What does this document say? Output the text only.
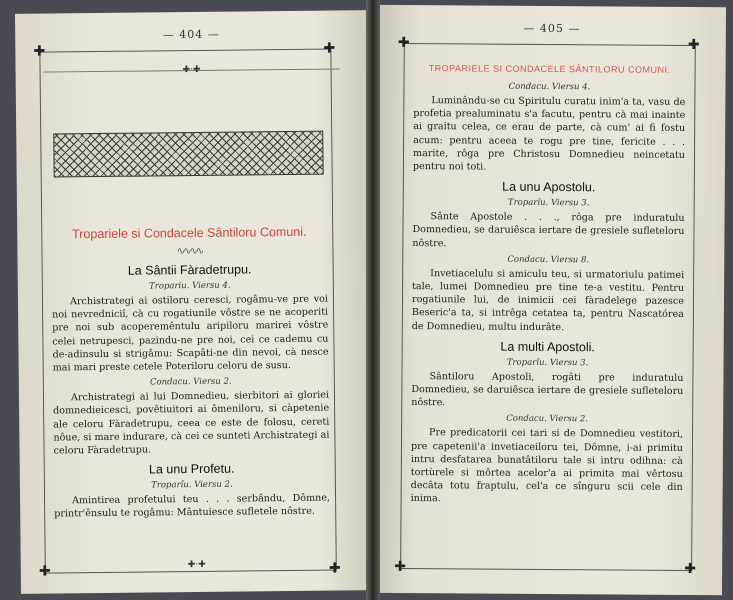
— 404 —
✚	✚
✚	✚
✚·✚
Tropariele si Condacele Sântiloru Comuni.
∿∿∿∿
La Sântii Fàradetrupu.
Tropariu. Viersu 4.

Archistrategi ai ostiloru ceresci, rogâmu-ve pre voi noi nevredniciî, cà cu rogatiunile vôstre se ne acoperiti pre noi sub acoperemêntulu aripiloru marirei vôstre celei netrupesci, pazindu-ne pre noi, cei ce cademu cu de-adinsulu si strigâmu: Scapâti-ne din nevoi, cà nesce mai mari preste cetele Poteriloru celoru de susu.

Condacu. Viersu 2.

Archistrategi ai lui Domnedieu, sierbitori ai gloriei domnedieicesci, povêtiuitori ai ômeniloru, si càpetenie ale celoru Fàradetrupu, ceea ce este de folosu, cereti nôue, si mare indurare, cà cei ce sunteti Archistrategi ai celoru Fàradetrupu.

La unu Profetu.
Troparîu. Viersu 2.

Amintirea profetului teu . . . serbându, Dômne, printr'ênsulu te rogâmu: Mântuiesce sufletele nôstre.

✚·✚
— 405 —
✚	✚
✚	✚
TROPARIELE SI CONDACELE SÂNTILORU COMUNI.
Condacu. Viersu 4.

Luminându-se cu Spiritulu curatu inim'a ta, vasu de profetia prealuminatu s'a facutu, pentru cà mai inainte ai graitu celea, ce erau de parte, cà cum' ai fi fostu acum: pentru aceea te rogu pre tine, fericite . . . marite, rôga pre Christosu Domnedieu neincetatu pentru noi toti.

La unu Apostolu.
Troparîu. Viersu 3.

Sânte Apostole . . ., rôga pre induratulu Domnedieu, se daruiêsca iertare de gresiele sufleteloru nôstre.

Condacu. Viersu 8.

Invetiacelulu si amiculu teu, si urmatoriulu patimei tale, lumei Domnedieu pre tine te-a vestitu. Pentru rogatiunile lui, de inimicii cei fàradelege pazesce Beseric'a ta, si intrêga cetatea ta, pentru Nascatórea de Domnedieu, multu indurâte.

La multi Apostoli.
Troparîu. Viersu 3.

Sântiloru Apostoli, rogâti pre induratulu Domnedieu, se daruiêsca iertare de gresiele sufleteloru nôstre.

Condacu. Viersu 2.

Pre predicatorii cei tari si de Domnedieu vestitori, pre capetenii'a invetiaceiloru tei, Dômne, i-ai primitu intru desfatarea bunatâtiloru tale si intru odihna: cà tortùrele si môrtea acelor'a ai primita mai vêrtosu decâta totu fraptulu, cel'a ce sînguru scii cele din inima.
